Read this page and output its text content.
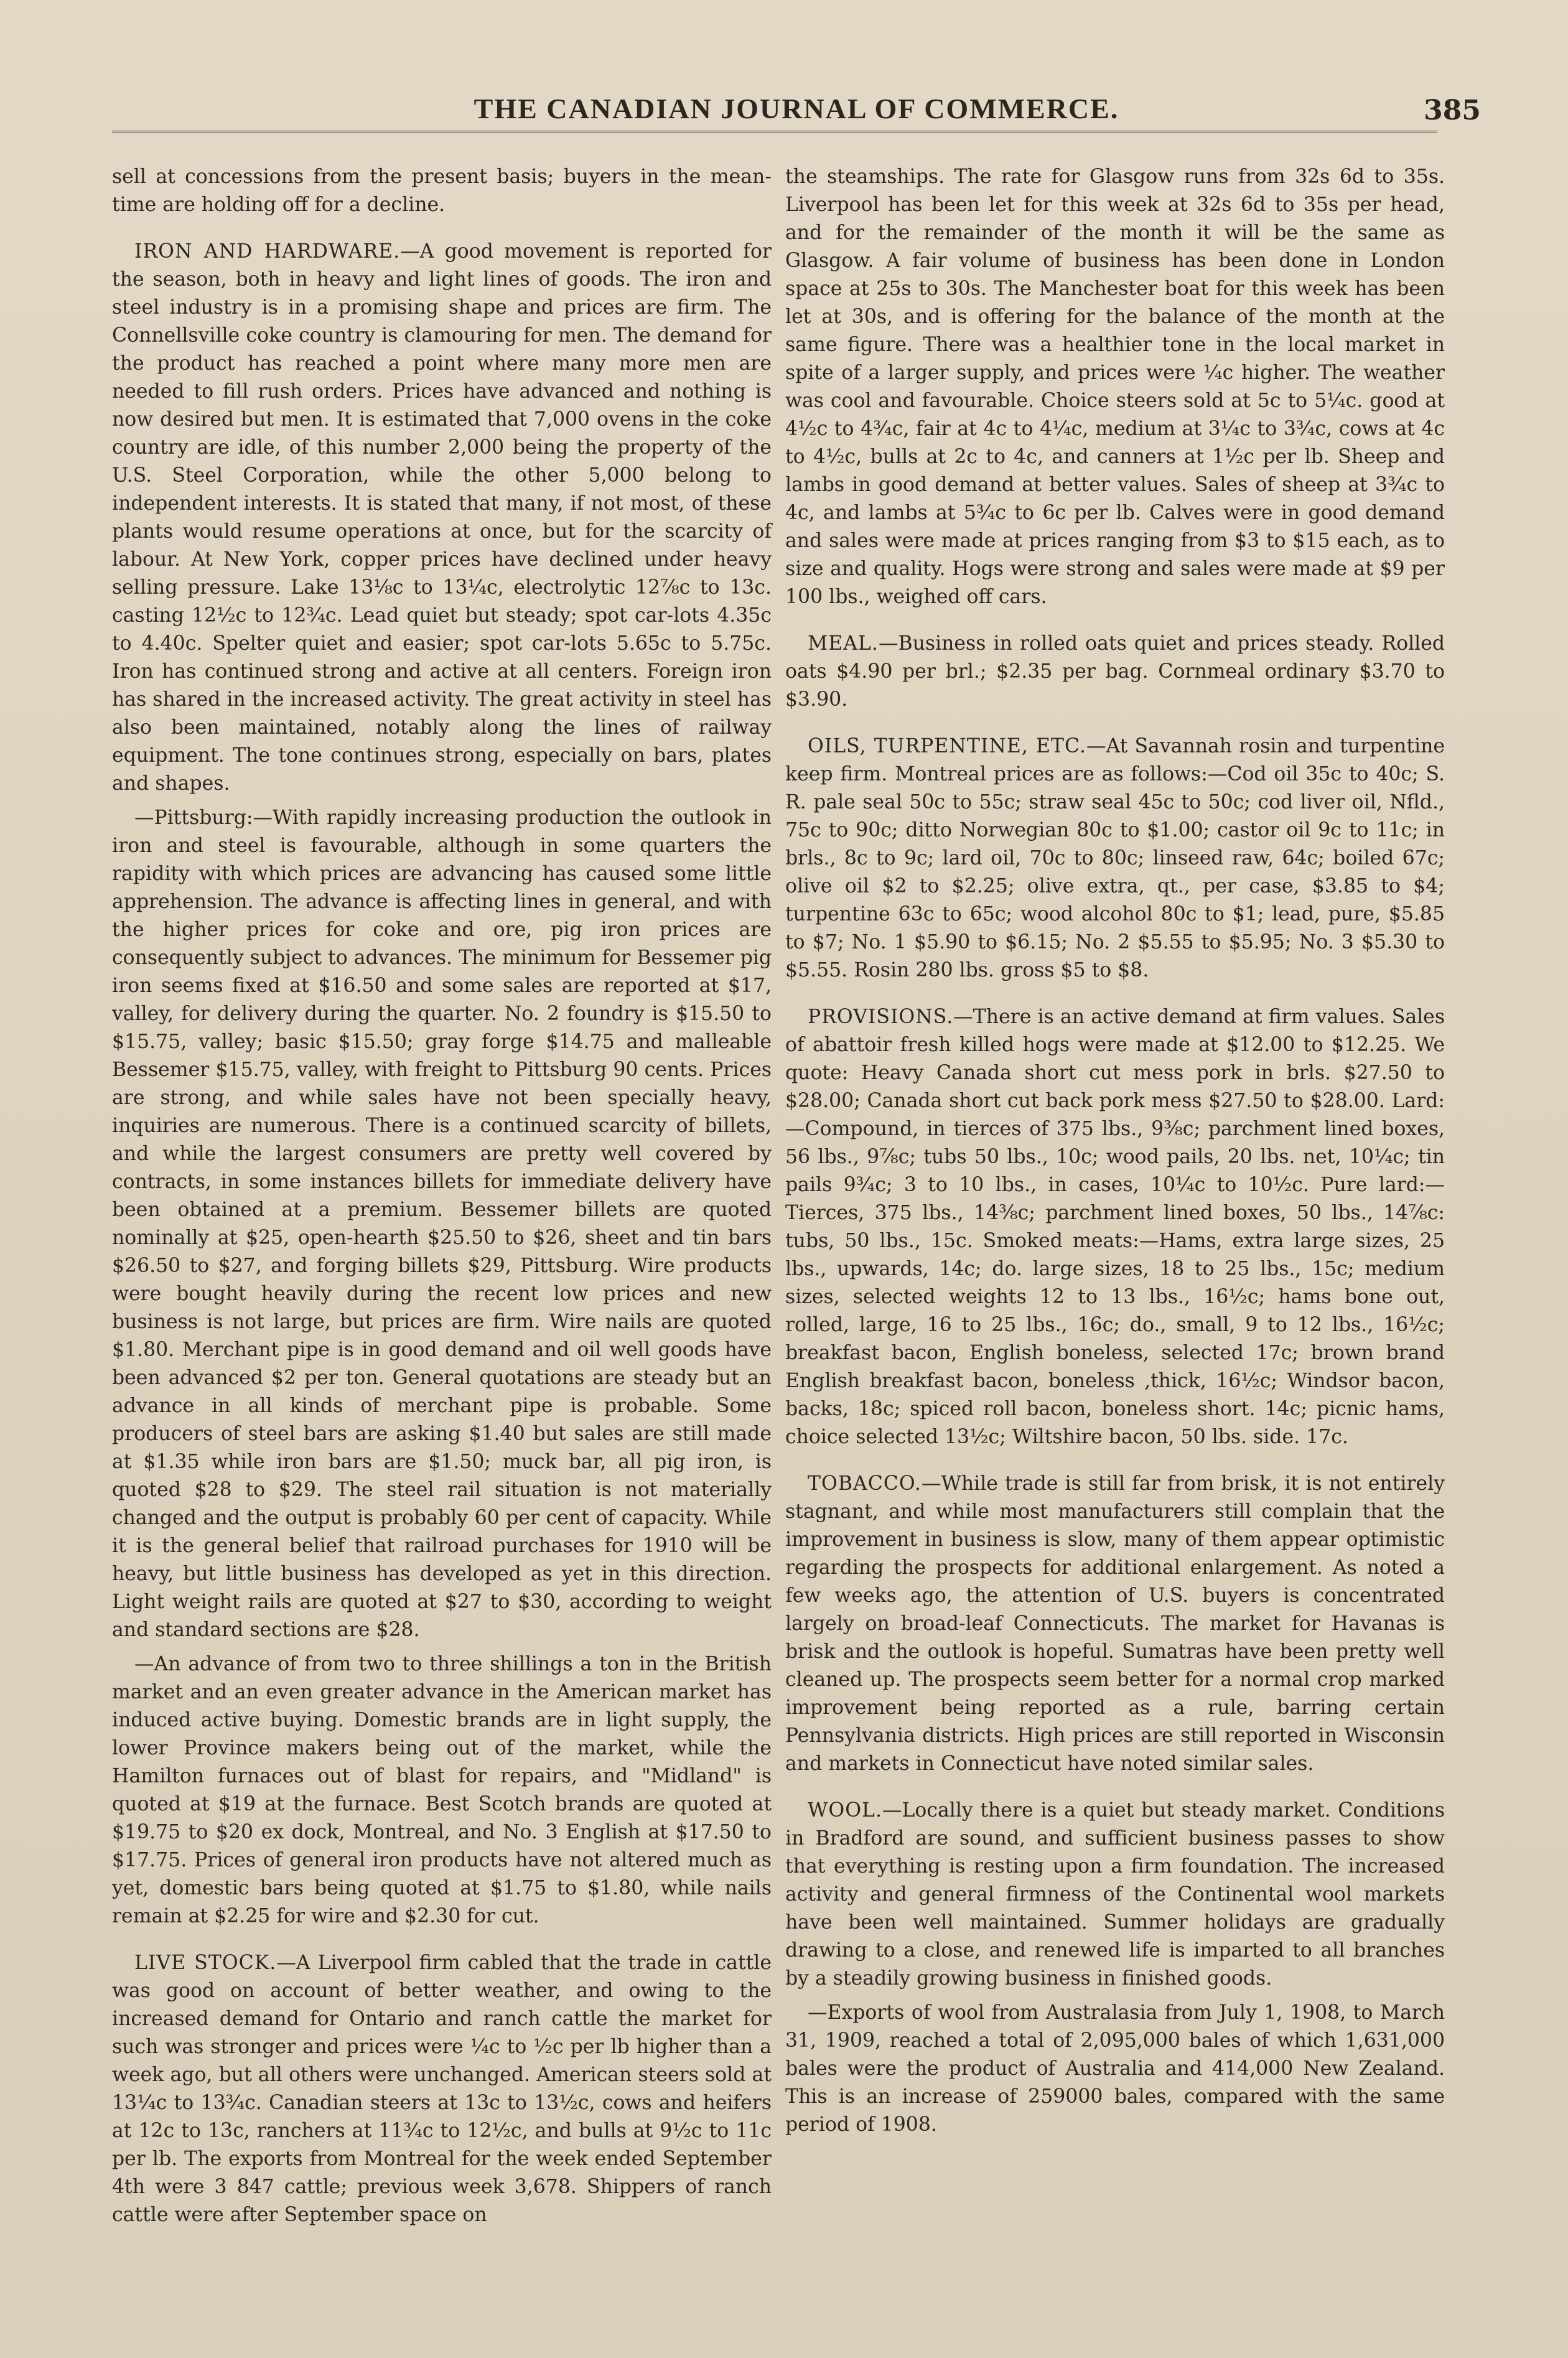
THE CANADIAN JOURNAL OF COMMERCE.	385

sell at concessions from the present basis; buyers in the mean-time are holding off for a decline.

IRON AND HARDWARE.—A good movement is reported for the season, both in heavy and light lines of goods. The iron and steel industry is in a promising shape and prices are firm. The Connellsville coke country is clamouring for men. The demand for the product has reached a point where many more men are needed to fill rush orders. Prices have advanced and nothing is now desired but men. It is estimated that 7,000 ovens in the coke country are idle, of this number 2,000 being the property of the U.S. Steel Corporation, while the other 5,000 belong to independent interests. It is stated that many, if not most, of these plants would resume operations at once, but for the scarcity of labour. At New York, copper prices have declined under heavy selling pressure. Lake 13⅛c to 13¼c, electrolytic 12⅞c to 13c. casting 12½c to 12¾c. Lead quiet but steady; spot car-lots 4.35c to 4.40c. Spelter quiet and easier; spot car-lots 5.65c to 5.75c. Iron has continued strong and active at all centers. Foreign iron has shared in the increased activity. The great activity in steel has also been maintained, notably along the lines of railway equipment. The tone continues strong, especially on bars, plates and shapes.

—Pittsburg:—With rapidly increasing production the outlook in iron and steel is favourable, although in some quarters the rapidity with which prices are advancing has caused some little apprehension. The advance is affecting lines in general, and with the higher prices for coke and ore, pig iron prices are consequently subject to advances. The minimum for Bessemer pig iron seems fixed at $16.50 and some sales are reported at $17, valley, for delivery during the quarter. No. 2 foundry is $15.50 to $15.75, valley; basic $15.50; gray forge $14.75 and malleable Bessemer $15.75, valley, with freight to Pittsburg 90 cents. Prices are strong, and while sales have not been specially heavy, inquiries are numerous. There is a continued scarcity of billets, and while the largest consumers are pretty well covered by contracts, in some instances billets for immediate delivery have been obtained at a premium. Bessemer billets are quoted nominally at $25, open-hearth $25.50 to $26, sheet and tin bars $26.50 to $27, and forging billets $29, Pittsburg. Wire products were bought heavily during the recent low prices and new business is not large, but prices are firm. Wire nails are quoted $1.80. Merchant pipe is in good demand and oil well goods have been advanced $2 per ton. General quotations are steady but an advance in all kinds of merchant pipe is probable. Some producers of steel bars are asking $1.40 but sales are still made at $1.35 while iron bars are $1.50; muck bar, all pig iron, is quoted $28 to $29. The steel rail situation is not materially changed and the output is probably 60 per cent of capacity. While it is the general belief that railroad purchases for 1910 will be heavy, but little business has developed as yet in this direction. Light weight rails are quoted at $27 to $30, according to weight and standard sections are $28.

—An advance of from two to three shillings a ton in the British market and an even greater advance in the American market has induced active buying. Domestic brands are in light supply, the lower Province makers being out of the market, while the Hamilton furnaces out of blast for repairs, and "Midland" is quoted at $19 at the furnace. Best Scotch brands are quoted at $19.75 to $20 ex dock, Montreal, and No. 3 English at $17.50 to $17.75. Prices of general iron products have not altered much as yet, domestic bars being quoted at $1.75 to $1.80, while nails remain at $2.25 for wire and $2.30 for cut.

LIVE STOCK.—A Liverpool firm cabled that the trade in cattle was good on account of better weather, and owing to the increased demand for Ontario and ranch cattle the market for such was stronger and prices were ¼c to ½c per lb higher than a week ago, but all others were unchanged. American steers sold at 13¼c to 13¾c. Canadian steers at 13c to 13½c, cows and heifers at 12c to 13c, ranchers at 11¾c to 12½c, and bulls at 9½c to 11c per lb. The exports from Montreal for the week ended September 4th were 3 847 cattle; previous week 3,678. Shippers of ranch cattle were after September space on

the steamships. The rate for Glasgow runs from 32s 6d to 35s. Liverpool has been let for this week at 32s 6d to 35s per head, and for the remainder of the month it will be the same as Glasgow. A fair volume of business has been done in London space at 25s to 30s. The Manchester boat for this week has been let at 30s, and is offering for the balance of the month at the same figure. There was a healthier tone in the local market in spite of a larger supply, and prices were ¼c higher. The weather was cool and favourable. Choice steers sold at 5c to 5¼c. good at 4½c to 4¾c, fair at 4c to 4¼c, medium at 3¼c to 3¾c, cows at 4c to 4½c, bulls at 2c to 4c, and canners at 1½c per lb. Sheep and lambs in good demand at better values. Sales of sheep at 3¾c to 4c, and lambs at 5¾c to 6c per lb. Calves were in good demand and sales were made at prices ranging from $3 to $15 each, as to size and quality. Hogs were strong and sales were made at $9 per 100 lbs., weighed off cars.

MEAL.—Business in rolled oats quiet and prices steady. Rolled oats $4.90 per brl.; $2.35 per bag. Cornmeal ordinary $3.70 to $3.90.

OILS, TURPENTINE, ETC.—At Savannah rosin and turpentine keep firm. Montreal prices are as follows:—Cod oil 35c to 40c; S. R. pale seal 50c to 55c; straw seal 45c to 50c; cod liver oil, Nfld., 75c to 90c; ditto Norwegian 80c to $1.00; castor oil 9c to 11c; in brls., 8c to 9c; lard oil, 70c to 80c; linseed raw, 64c; boiled 67c; olive oil $2 to $2.25; olive extra, qt., per case, $3.85 to $4; turpentine 63c to 65c; wood alcohol 80c to $1; lead, pure, $5.85 to $7; No. 1 $5.90 to $6.15; No. 2 $5.55 to $5.95; No. 3 $5.30 to $5.55. Rosin 280 lbs. gross $5 to $8.

PROVISIONS.—There is an active demand at firm values. Sales of abattoir fresh killed hogs were made at $12.00 to $12.25. We quote: Heavy Canada short cut mess pork in brls. $27.50 to $28.00; Canada short cut back pork mess $27.50 to $28.00. Lard:—Compound, in tierces of 375 lbs., 9⅜c; parchment lined boxes, 56 lbs., 9⅞c; tubs 50 lbs., 10c; wood pails, 20 lbs. net, 10¼c; tin pails 9¾c; 3 to 10 lbs., in cases, 10¼c to 10½c. Pure lard:—Tierces, 375 lbs., 14⅜c; parchment lined boxes, 50 lbs., 14⅞c: tubs, 50 lbs., 15c. Smoked meats:—Hams, extra large sizes, 25 lbs., upwards, 14c; do. large sizes, 18 to 25 lbs., 15c; medium sizes, selected weights 12 to 13 lbs., 16½c; hams bone out, rolled, large, 16 to 25 lbs., 16c; do., small, 9 to 12 lbs., 16½c; breakfast bacon, English boneless, selected 17c; brown brand English breakfast bacon, boneless ,thick, 16½c; Windsor bacon, backs, 18c; spiced roll bacon, boneless short. 14c; picnic hams, choice selected 13½c; Wiltshire bacon, 50 lbs. side. 17c.

TOBACCO.—While trade is still far from brisk, it is not entirely stagnant, and while most manufacturers still complain that the improvement in business is slow, many of them appear optimistic regarding the prospects for additional enlargement. As noted a few weeks ago, the attention of U.S. buyers is concentrated largely on broad-leaf Connecticuts. The market for Havanas is brisk and the outlook is hopeful. Sumatras have been pretty well cleaned up. The prospects seem better for a normal crop marked improvement being reported as a rule, barring certain Pennsylvania districts. High prices are still reported in Wisconsin and markets in Connecticut have noted similar sales.

WOOL.—Locally there is a quiet but steady market. Conditions in Bradford are sound, and sufficient business passes to show that everything is resting upon a firm foundation. The increased activity and general firmness of the Continental wool markets have been well maintained. Summer holidays are gradually drawing to a close, and renewed life is imparted to all branches by a steadily growing business in finished goods.

—Exports of wool from Australasia from July 1, 1908, to March 31, 1909, reached a total of 2,095,000 bales of which 1,631,000 bales were the product of Australia and 414,000 New Zealand. This is an increase of 259000 bales, compared with the same period of 1908.
